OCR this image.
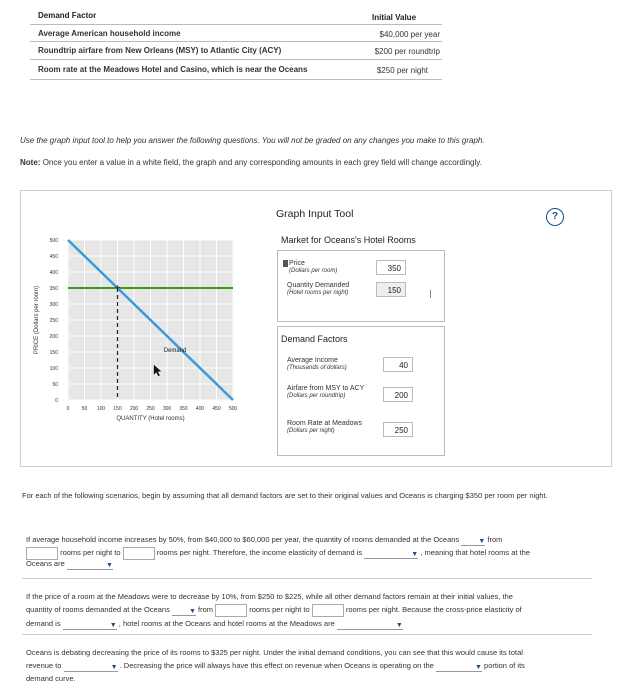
Demand Factor	Initial Value
Average American household income	$40,000 per year
Roundtrip airfare from New Orleans (MSY) to Atlantic City (ACY)	$200 per roundtrip
Room rate at the Meadows Hotel and Casino, which is near the Oceans	$250 per night
Use the graph input tool to help you answer the following questions. You will not be graded on any changes you make to this graph.
Note: Once you enter a value in a white field, the graph and any corresponding amounts in each grey field will change accordingly.
Graph Input Tool	?
0
50
100
150
200
250
300
350
400
450
500
0 50 100 150 200 250 300 350 400 450 500
QUANTITY (Hotel rooms)
PRICE (Dollars per room)	Demand
+
Market for Oceans's Hotel Rooms
Price
(Dollars per room)	350
Quantity Demanded
(Hotel rooms per night)	150
Demand Factors
Average Income
(Thousands of dollars)	40
Airfare from MSY to ACY
(Dollars per roundtrip)	200
Room Rate at Meadows
(Dollars per night)	250
For each of the following scenarios, begin by assuming that all demand factors are set to their original values and Oceans is charging $350 per room per night.
If average household income increases by 50%, from $40,000 to $60,000 per year, the quantity of rooms demanded at the Oceans ▼	from
rooms per night to	rooms per night. Therefore, the income elasticity of demand is ▼	, meaning that hotel rooms at the

Oceans are ▼
If the price of a room at the Meadows were to decrease by 10%, from $250 to $225, while all other demand factors remain at their initial values, the
quantity of rooms demanded at the Oceans ▼	from	rooms per night to	rooms per night. Because the cross-price elasticity of
demand is ▼	, hotel rooms at the Oceans and hotel rooms at the Meadows are ▼
Oceans is debating decreasing the price of its rooms to $325 per night. Under the initial demand conditions, you can see that this would cause its total
revenue to ▼	. Decreasing the price will always have this effect on revenue when Oceans is operating on the ▼	portion of its
demand curve.
